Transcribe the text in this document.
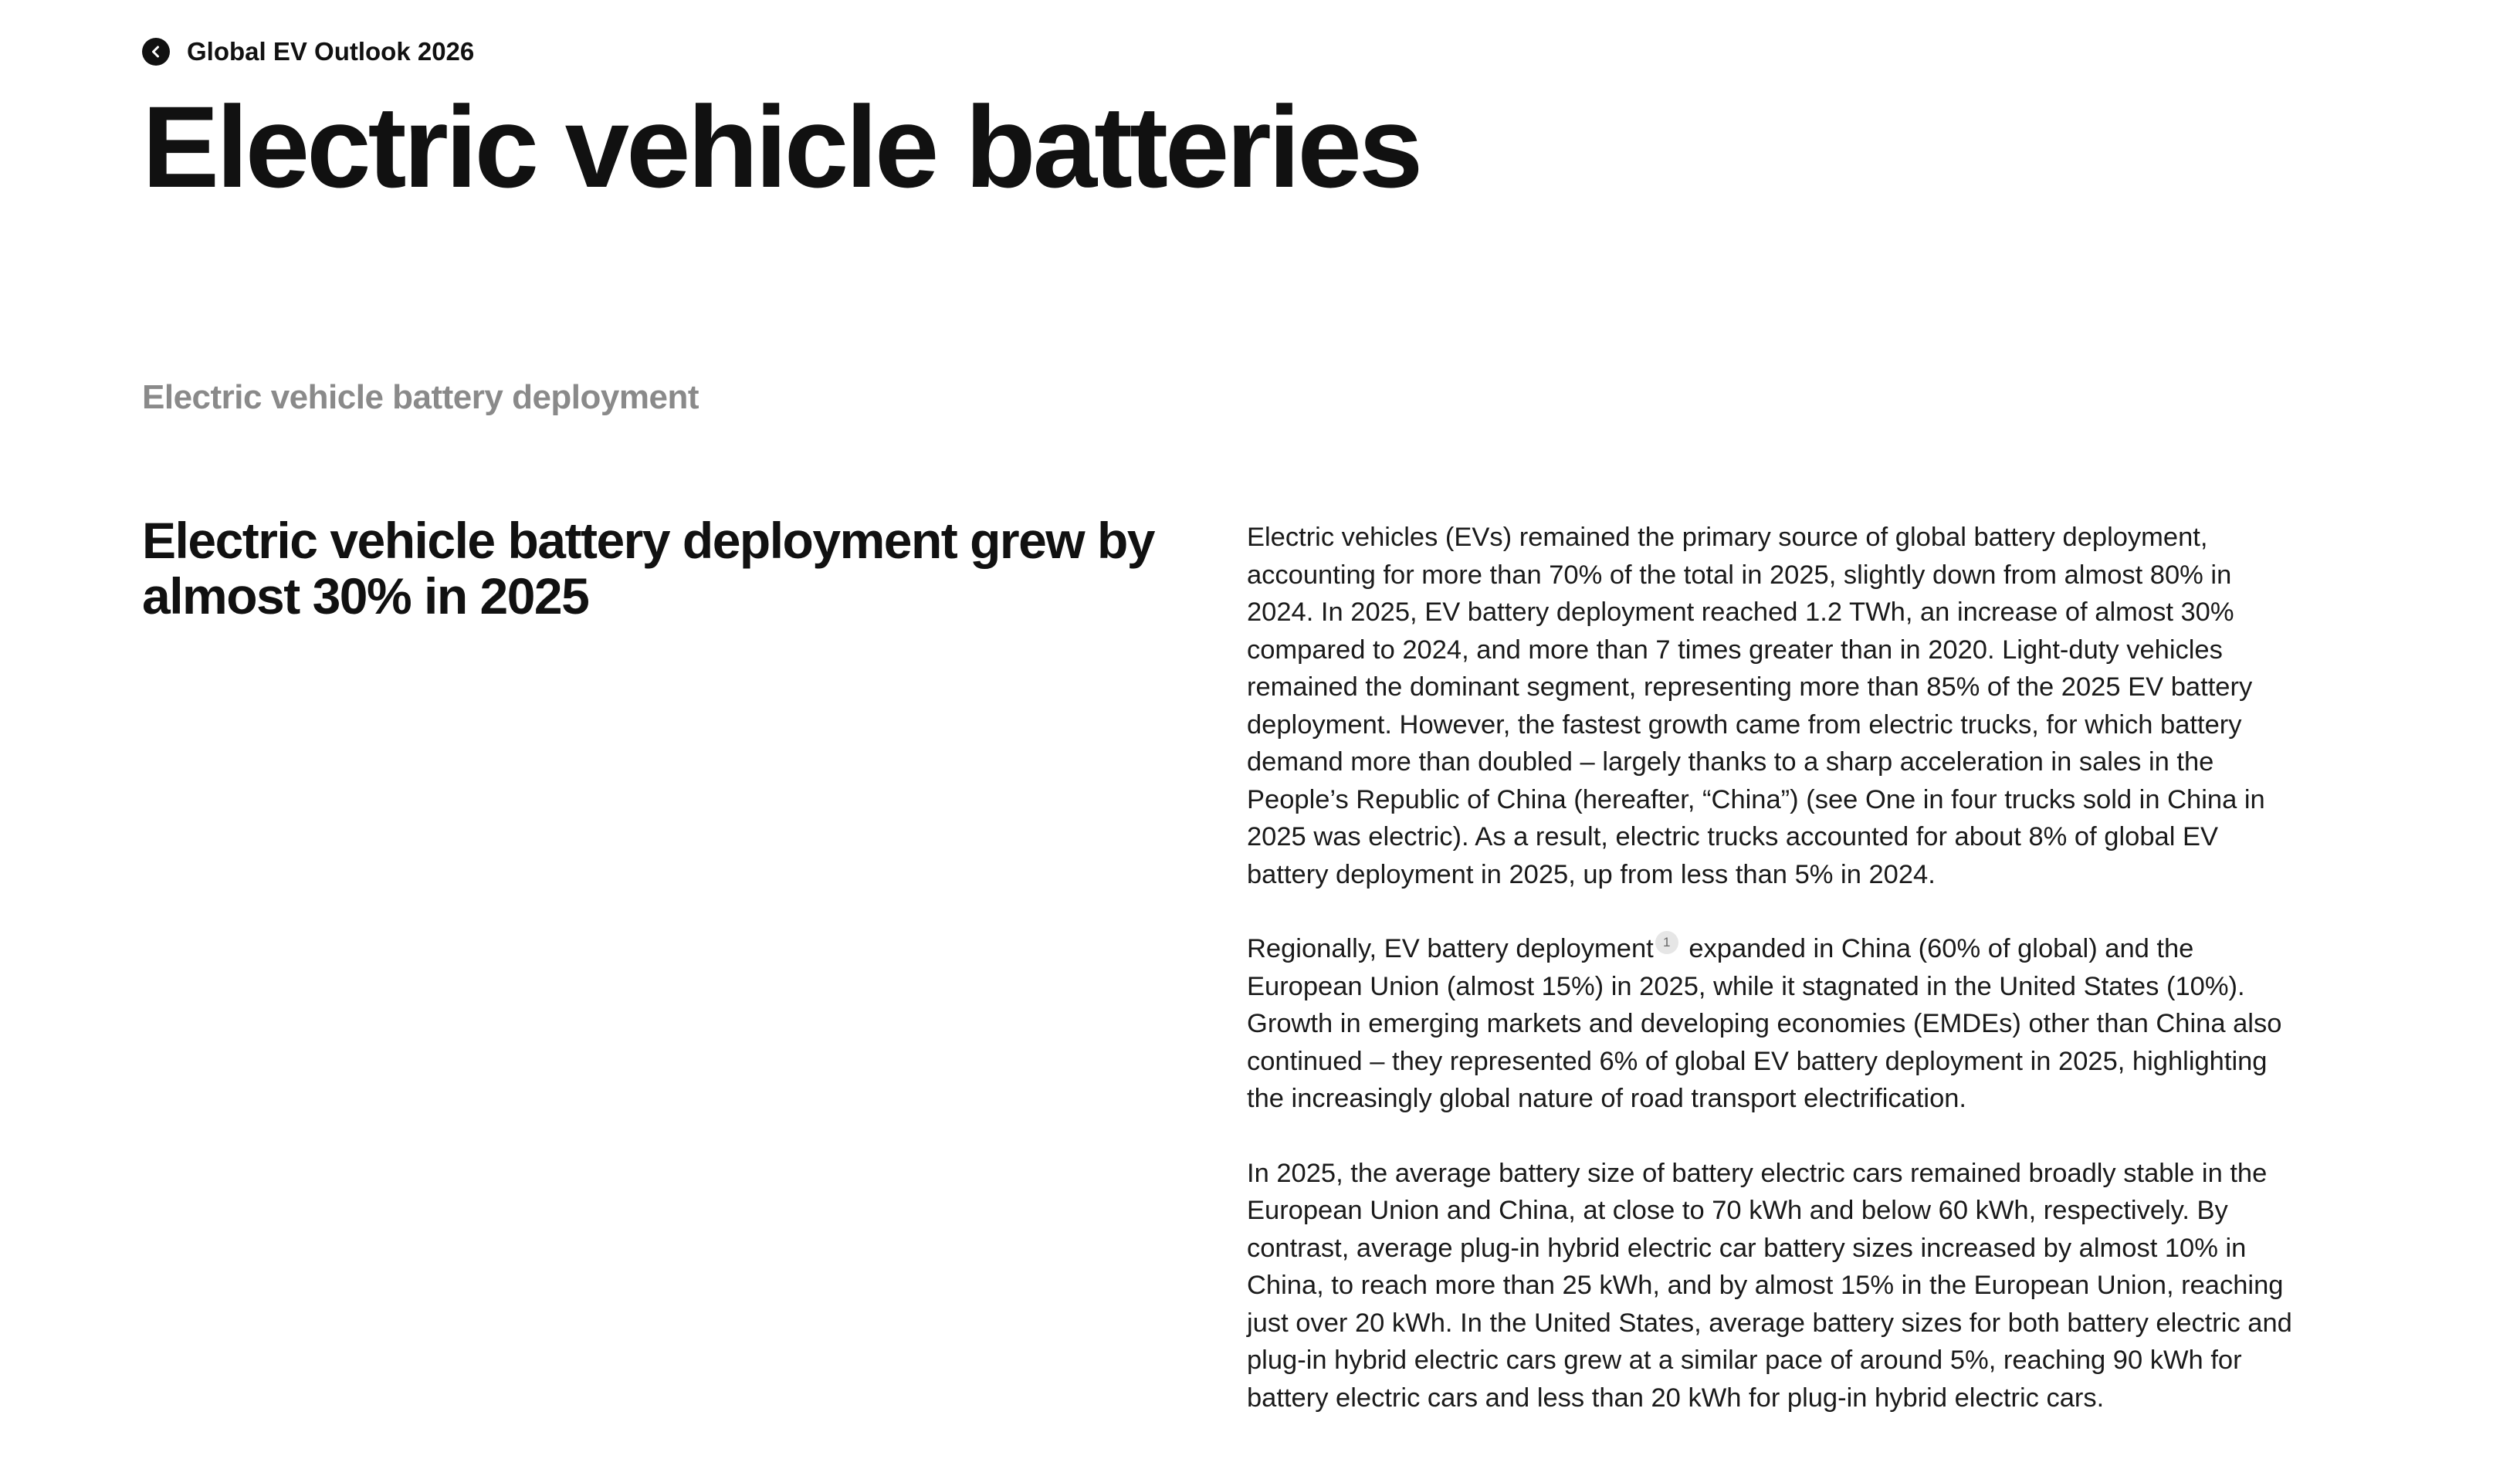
Global EV Outlook 2026
Electric vehicle batteries
Electric vehicle battery deployment
Electric vehicle battery deployment grew by almost 30% in 2025

Electric vehicles (EVs) remained the primary source of global battery deployment, accounting for more than 70% of the total in 2025, slightly down from almost 80% in 2024. In 2025, EV battery deployment reached 1.2 TWh, an increase of almost 30% compared to 2024, and more than 7 times greater than in 2020. Light-duty vehicles remained the dominant segment, representing more than 85% of the 2025 EV battery deployment. However, the fastest growth came from electric trucks, for which battery demand more than doubled – largely thanks to a sharp acceleration in sales in the People’s Republic of China (hereafter, “China”) (see One in four trucks sold in China in 2025 was electric). As a result, electric trucks accounted for about 8% of global EV battery deployment in 2025, up from less than 5% in 2024.

Regionally, EV battery deployment 1 expanded in China (60% of global) and the European Union (almost 15%) in 2025, while it stagnated in the United States (10%). Growth in emerging markets and developing economies (EMDEs) other than China also continued – they represented 6% of global EV battery deployment in 2025, highlighting the increasingly global nature of road transport electrification.

In 2025, the average battery size of battery electric cars remained broadly stable in the European Union and China, at close to 70 kWh and below 60 kWh, respectively. By contrast, average plug-in hybrid electric car battery sizes increased by almost 10% in China, to reach more than 25 kWh, and by almost 15% in the European Union, reaching just over 20 kWh. In the United States, average battery sizes for both battery electric and plug-in hybrid electric cars grew at a similar pace of around 5%, reaching 90 kWh for battery electric cars and less than 20 kWh for plug-in hybrid electric cars.
